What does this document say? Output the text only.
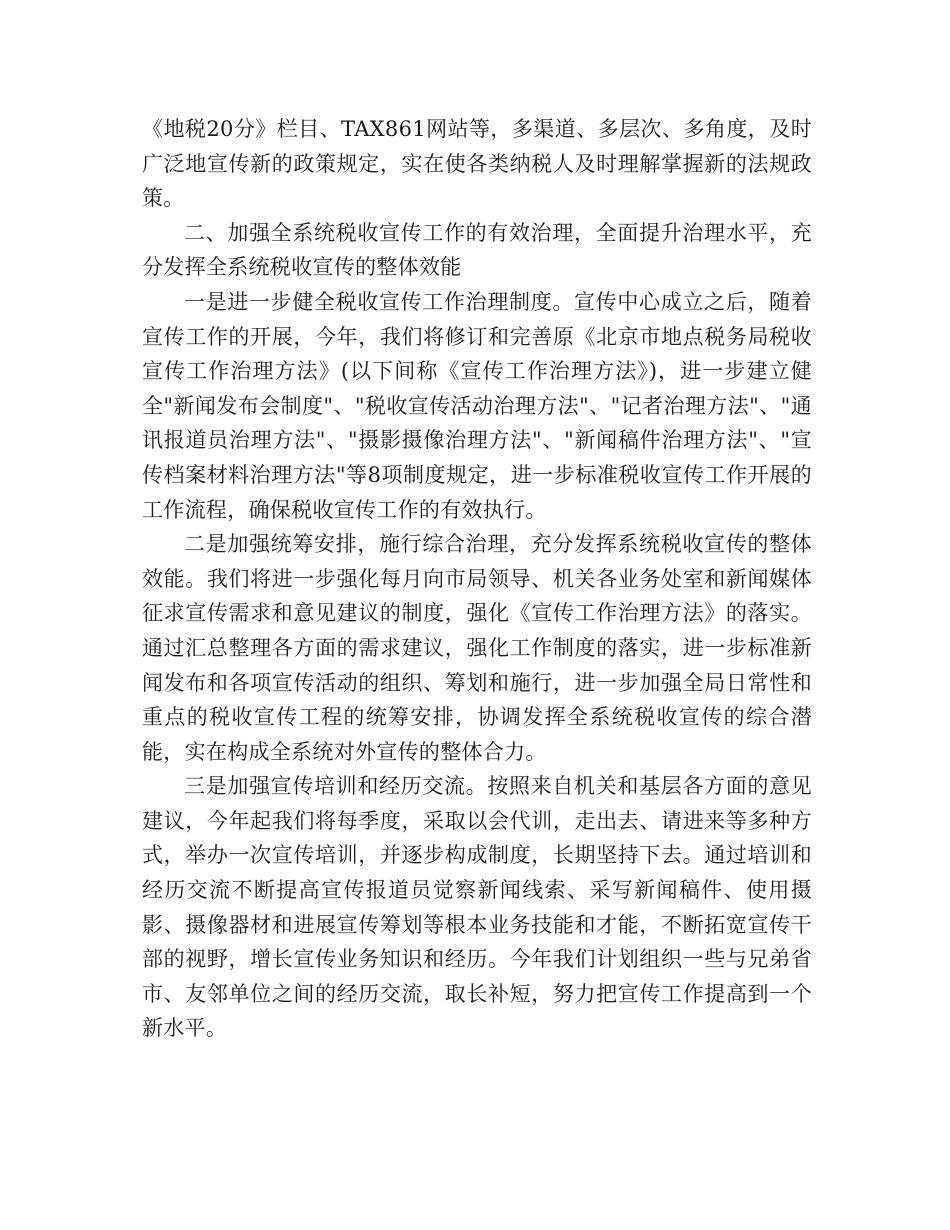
《地税20分》栏目、TAX861网站等，多渠道、多层次、多角度，及时广泛地宣传新的政策规定，实在使各类纳税人及时理解掌握新的法规政策。

二、加强全系统税收宣传工作的有效治理，全面提升治理水平，充分发挥全系统税收宣传的整体效能

一是进一步健全税收宣传工作治理制度。宣传中心成立之后，随着宣传工作的开展，今年，我们将修订和完善原《北京市地点税务局税收宣传工作治理方法》(以下间称《宣传工作治理方法》)，进一步建立健全"新闻发布会制度"、"税收宣传活动治理方法"、"记者治理方法"、"通讯报道员治理方法"、"摄影摄像治理方法"、"新闻稿件治理方法"、"宣传档案材料治理方法"等8项制度规定，进一步标准税收宣传工作开展的工作流程，确保税收宣传工作的有效执行。

二是加强统筹安排，施行综合治理，充分发挥系统税收宣传的整体效能。我们将进一步强化每月向市局领导、机关各业务处室和新闻媒体征求宣传需求和意见建议的制度，强化《宣传工作治理方法》的落实。通过汇总整理各方面的需求建议，强化工作制度的落实，进一步标准新闻发布和各项宣传活动的组织、筹划和施行，进一步加强全局日常性和重点的税收宣传工程的统筹安排，协调发挥全系统税收宣传的综合潜能，实在构成全系统对外宣传的整体合力。

三是加强宣传培训和经历交流。按照来自机关和基层各方面的意见建议，今年起我们将每季度，采取以会代训，走出去、请进来等多种方式，举办一次宣传培训，并逐步构成制度，长期坚持下去。通过培训和经历交流不断提高宣传报道员觉察新闻线索、采写新闻稿件、使用摄影、摄像器材和进展宣传筹划等根本业务技能和才能，不断拓宽宣传干部的视野，增长宣传业务知识和经历。今年我们计划组织一些与兄弟省市、友邻单位之间的经历交流，取长补短，努力把宣传工作提高到一个新水平。
